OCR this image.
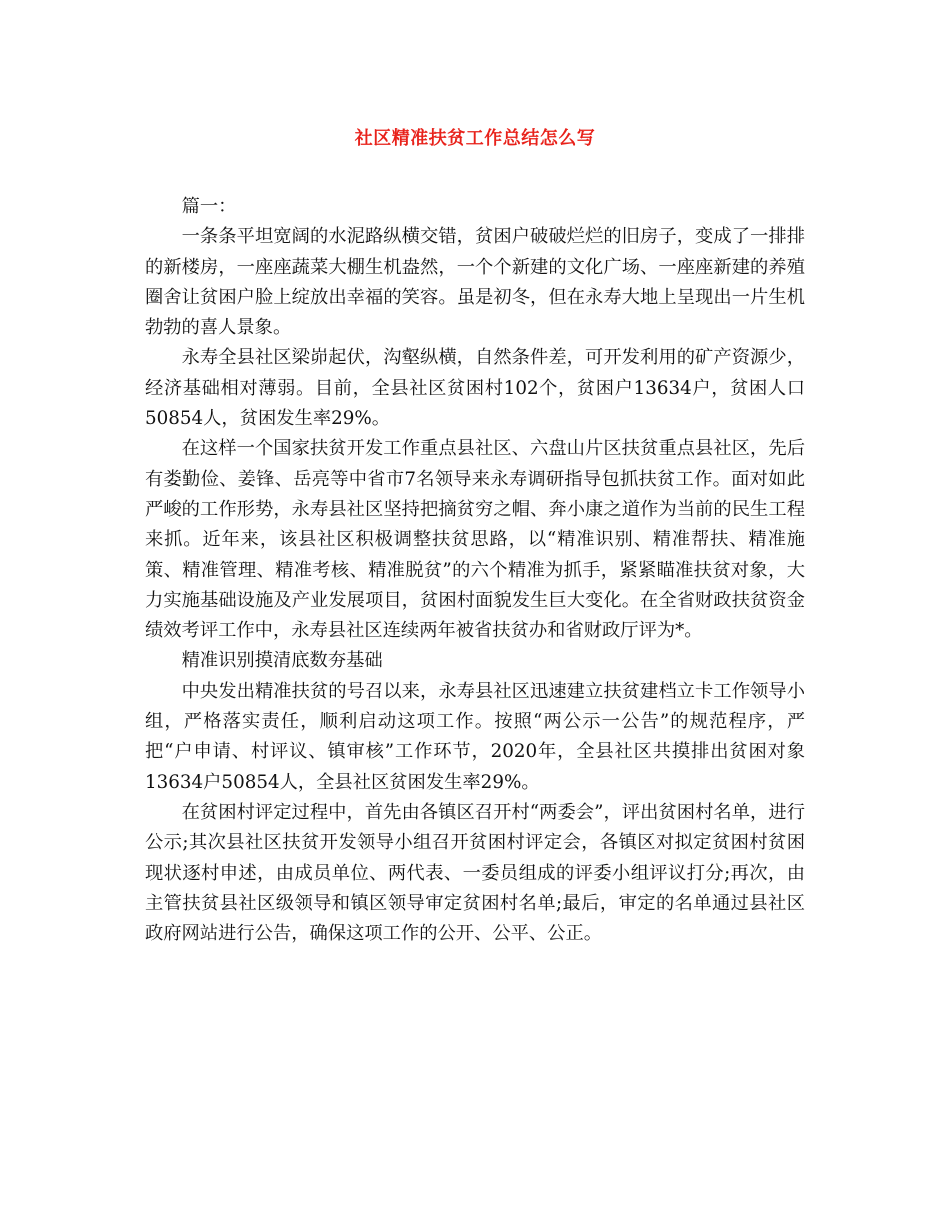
社区精准扶贫工作总结怎么写

篇一：

一条条平坦宽阔的水泥路纵横交错，贫困户破破烂烂的旧房子，变成了一排排的新楼房，一座座蔬菜大棚生机盎然，一个个新建的文化广场、一座座新建的养殖圈舍让贫困户脸上绽放出幸福的笑容。虽是初冬，但在永寿大地上呈现出一片生机勃勃的喜人景象。

永寿全县社区梁峁起伏，沟壑纵横，自然条件差，可开发利用的矿产资源少，经济基础相对薄弱。目前，全县社区贫困村102个，贫困户13634户，贫困人口50854人，贫困发生率29%。

在这样一个国家扶贫开发工作重点县社区、六盘山片区扶贫重点县社区，先后有娄勤俭、姜锋、岳亮等中省市7名领导来永寿调研指导包抓扶贫工作。面对如此严峻的工作形势，永寿县社区坚持把摘贫穷之帽、奔小康之道作为当前的民生工程来抓。近年来，该县社区积极调整扶贫思路，以“精准识别、精准帮扶、精准施策、精准管理、精准考核、精准脱贫”的六个精准为抓手，紧紧瞄准扶贫对象，大力实施基础设施及产业发展项目，贫困村面貌发生巨大变化。在全省财政扶贫资金绩效考评工作中，永寿县社区连续两年被省扶贫办和省财政厅评为*。

精准识别摸清底数夯基础

中央发出精准扶贫的号召以来，永寿县社区迅速建立扶贫建档立卡工作领导小组，严格落实责任，顺利启动这项工作。按照“两公示一公告”的规范程序，严把“户申请、村评议、镇审核”工作环节，2020年，全县社区共摸排出贫困对象13634户50854人，全县社区贫困发生率29%。

在贫困村评定过程中，首先由各镇区召开村“两委会”，评出贫困村名单，进行公示;其次县社区扶贫开发领导小组召开贫困村评定会，各镇区对拟定贫困村贫困现状逐村申述，由成员单位、两代表、一委员组成的评委小组评议打分;再次，由主管扶贫县社区级领导和镇区领导审定贫困村名单;最后，审定的名单通过县社区政府网站进行公告，确保这项工作的公开、公平、公正。
